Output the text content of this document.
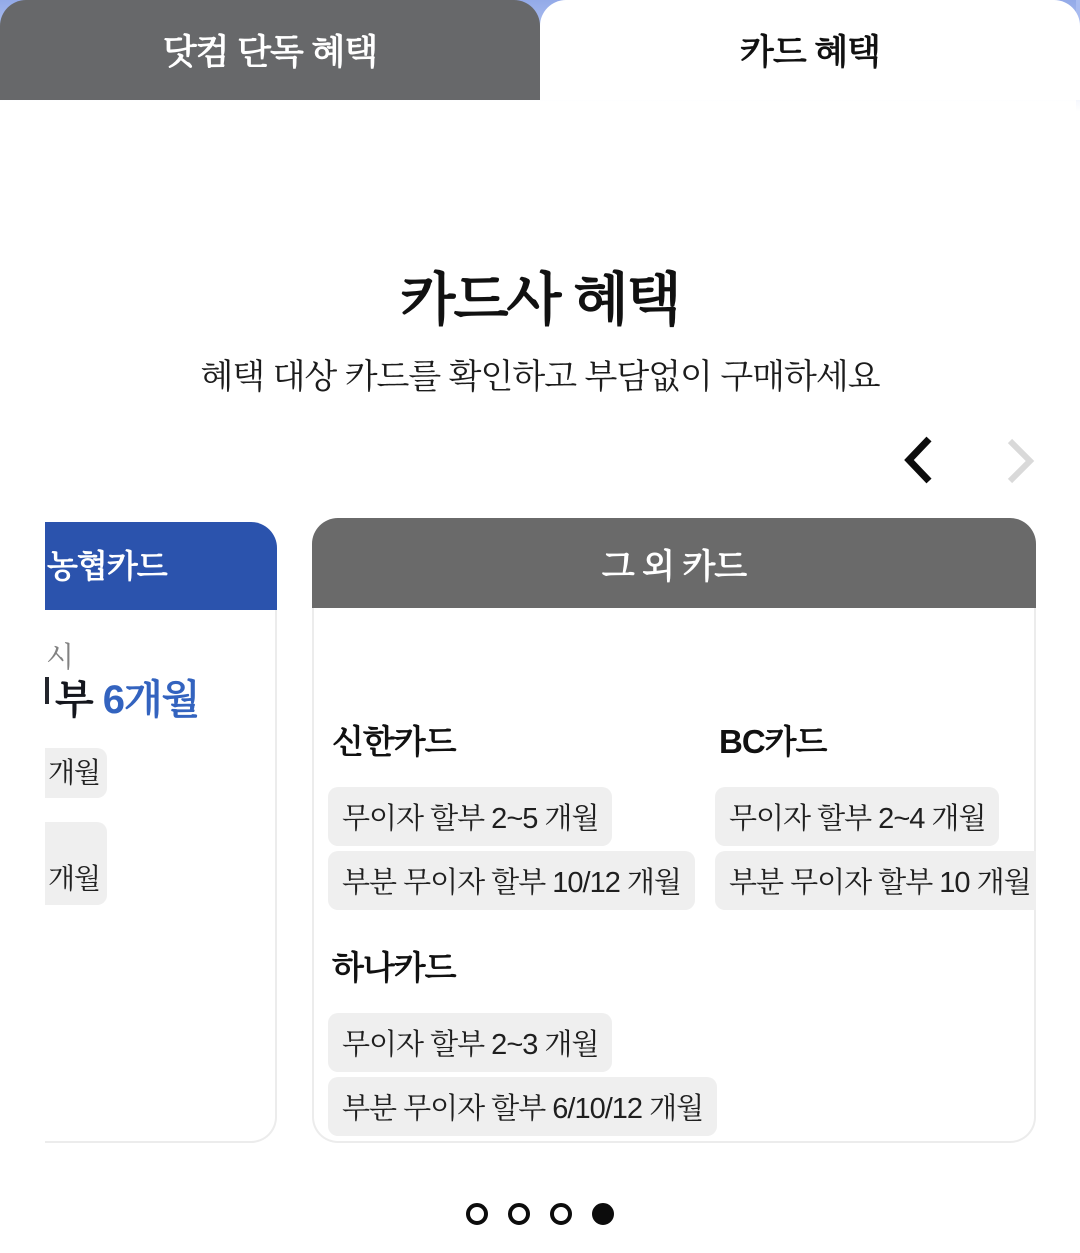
닷컴 단독 혜택	카드 혜택
카드사 혜택

혜택 대상 카드를 확인하고 부담없이 구매하세요

농협카드
시
부 6개월
개월
개월
그 외 카드
신한카드
무이자 할부 2~5 개월
부분 무이자 할부 10/12 개월
BC카드
무이자 할부 2~4 개월
부분 무이자 할부 10 개월
하나카드
무이자 할부 2~3 개월
부분 무이자 할부 6/10/12 개월
